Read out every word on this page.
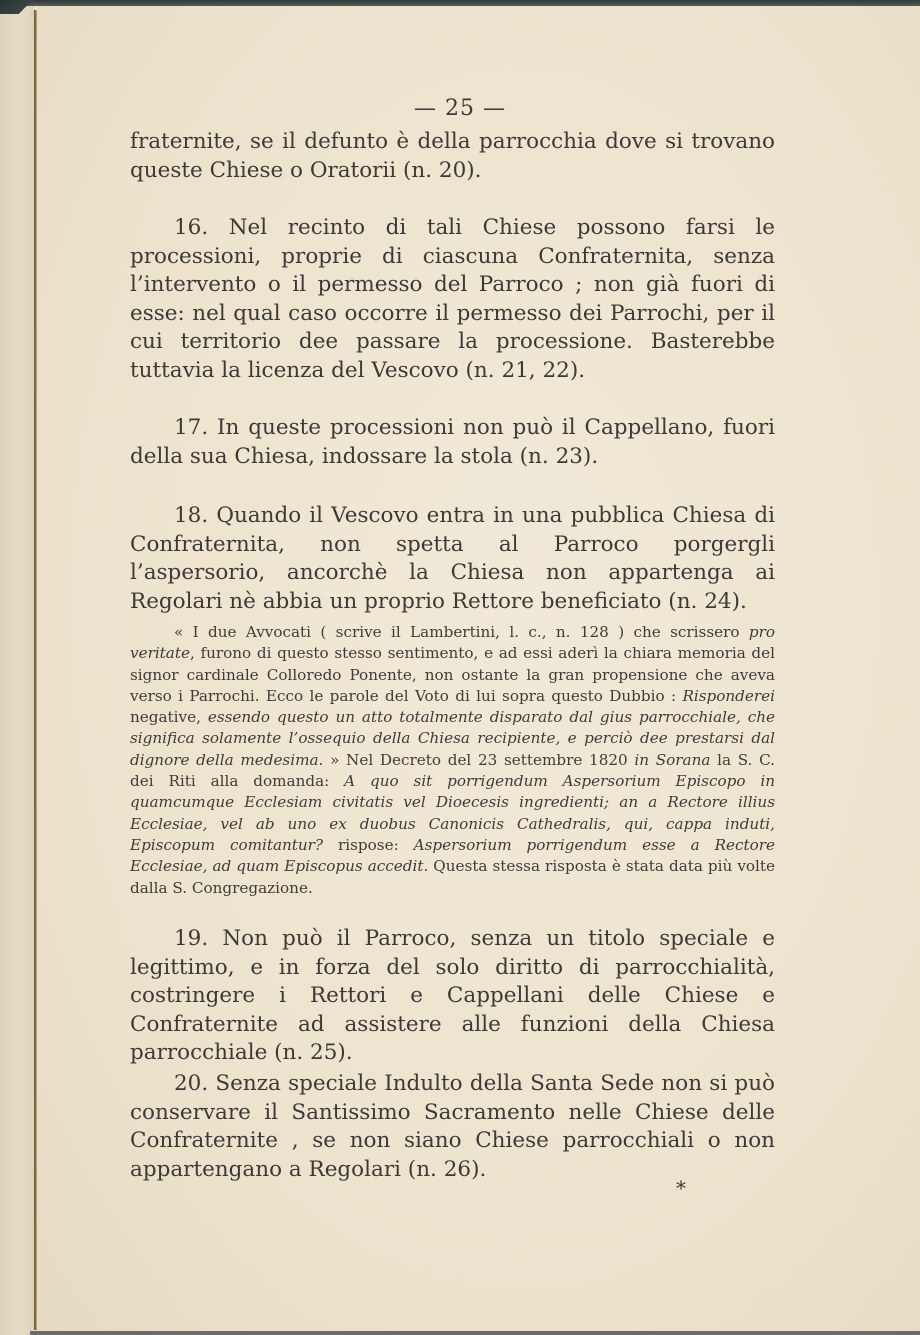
— 25 —

fraternite, se il defunto è della parrocchia dove si trovano queste Chiese o Oratorii (n. 20).

16. Nel recinto di tali Chiese possono farsi le processioni, proprie di ciascuna Confraternita, senza l’intervento o il permesso del Parroco ; non già fuori di esse: nel qual caso occorre il permesso dei Parrochi, per il cui territorio dee passare la processione. Basterebbe tuttavia la licenza del Vescovo (n. 21, 22).

17. In queste processioni non può il Cappellano, fuori della sua Chiesa, indossare la stola (n. 23).

18. Quando il Vescovo entra in una pubblica Chiesa di Confraternita, non spetta al Parroco porgergli l’aspersorio, ancorchè la Chiesa non appartenga ai Regolari nè abbia un proprio Rettore beneficiato (n. 24).

« I due Avvocati ( scrive il Lambertini, l. c., n. 128 ) che scrissero pro veritate, furono di questo stesso sentimento, e ad essi aderì la chiara memoria del signor cardinale Colloredo Ponente, non ostante la gran propensione che aveva verso i Parrochi. Ecco le parole del Voto di lui sopra questo Dubbio : Risponderei negative, essendo questo un atto totalmente disparato dal gius parrocchiale, che significa solamente l’ossequio della Chiesa recipiente, e perciò dee prestarsi dal dignore della medesima. » Nel Decreto del 23 settembre 1820 in Sorana la S. C. dei Riti alla domanda: A quo sit porrigendum Aspersorium Episcopo in quamcumque Ecclesiam civitatis vel Dioecesis ingredienti; an a Rectore illius Ecclesiae, vel ab uno ex duobus Canonicis Cathedralis, qui, cappa induti, Episcopum comitantur? rispose: Aspersorium porrigendum esse a Rectore Ecclesiae, ad quam Episcopus accedit. Questa stessa risposta è stata data più volte dalla S. Congregazione.

19. Non può il Parroco, senza un titolo speciale e legittimo, e in forza del solo diritto di parrocchialità, costringere i Rettori e Cappellani delle Chiese e Confraternite ad assistere alle funzioni della Chiesa parrocchiale (n. 25).

20. Senza speciale Indulto della Santa Sede non si può conservare il Santissimo Sacramento nelle Chiese delle Confraternite , se non siano Chiese parrocchiali o non appartengano a Regolari (n. 26).

*
